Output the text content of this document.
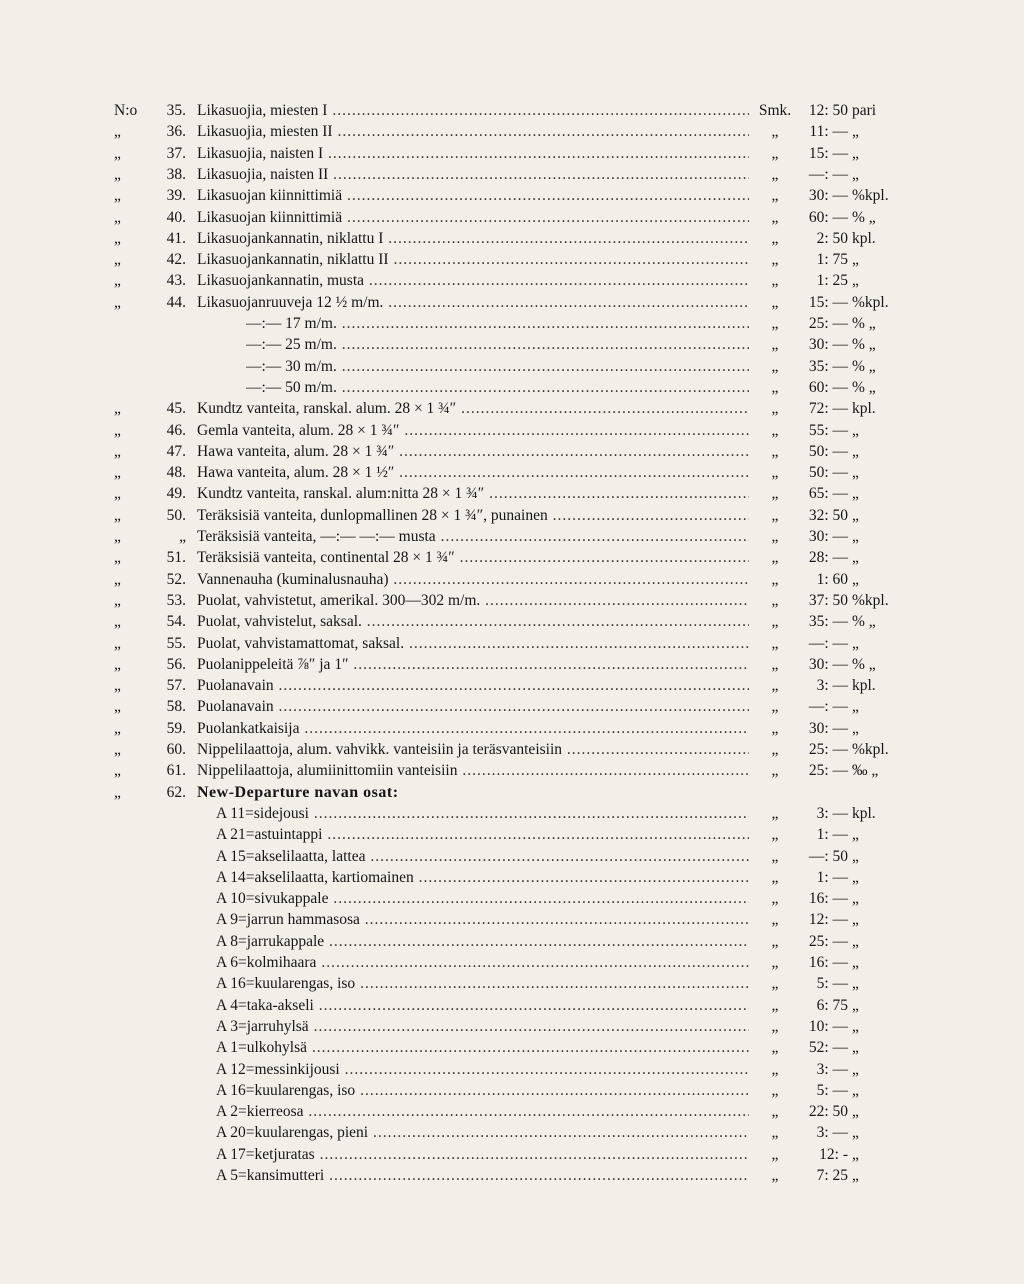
N:o	35. Likasuojia, miesten I .....	Smk.	12: 50 pari
„	36. Likasuojia, miesten II .....	„	11: — „
„	37. Likasuojia, naisten I .....	„	15: — „
„	38. Likasuojia, naisten II .....	„	—: — „
„	39. Likasuojan kiinnittimiä .....	„	30: — %kpl.
„	40. Likasuojan kiinnittimiä .....	„	60: — % „
„	41. Likasuojankannatin, niklattu I .....	„	2: 50 kpl.
„	42. Likasuojankannatin, niklattu II .....	„	1: 75 „
„	43. Likasuojankannatin, musta .....	„	1: 25 „
„	44. Likasuojanruuveja 12 ½ m/m. .....	„	15: — %kpl.
—:— 17 m/m. .....	„	25: — % „
—:— 25 m/m. .....	„	30: — % „
—:— 30 m/m. .....	„	35: — % „
—:— 50 m/m. .....	„	60: — % „
„	45. Kundtz vanteita, ranskal. alum. 28 × 1 ¾″ .....	„	72: — kpl.
„	46. Gemla vanteita, alum. 28 × 1 ¾″ .....	„	55: — „
„	47. Hawa vanteita, alum. 28 × 1 ¾″ .....	„	50: — „
„	48. Hawa vanteita, alum. 28 × 1 ½″ .....	„	50: — „
„	49. Kundtz vanteita, ranskal. alum:nitta 28 × 1 ¾″ .....	„	65: — „
„	50. Teräksisiä vanteita, dunlopmallinen 28 × 1 ¾″, punainen .....	„	32: 50 „
„	„ Teräksisiä vanteita, —:— —:— musta .....	„	30: — „
„	51. Teräksisiä vanteita, continental 28 × 1 ¾″ .....	„	28: — „
„	52. Vannenauha (kuminalusnauha) .....	„	1: 60 „
„	53. Puolat, vahvistetut, amerikal. 300—302 m/m. .....	„	37: 50 %kpl.
„	54. Puolat, vahvistelut, saksal. .....	„	35: — % „
„	55. Puolat, vahvistamattomat, saksal. .....	„	—: — „
„	56. Puolanippeleitä ⅞″ ja 1″ .....	„	30: — % „
„	57. Puolanavain .....	„	3: — kpl.
„	58. Puolanavain .....	„	—: — „
„	59. Puolankatkaisija .....	„	30: — „
„	60. Nippelilaattoja, alum. vahvikk. vanteisiin ja teräsvanteisiin .....	„	25: — %kpl.
„	61. Nippelilaattoja, alumiinittomiin vanteisiin .....	„	25: — ‰ „
„	62. New-Departure navan osat:
A 11=sidejousi .....	„	3: — kpl.
A 21=astuintappi .....	„	1: — „
A 15=akselilaatta, lattea .....	„	—: 50 „
A 14=akselilaatta, kartiomainen .....	„	1: — „
A 10=sivukappale .....	„	16: — „
A 9=jarrun hammasosa .....	„	12: — „
A 8=jarrukappale .....	„	25: — „
A 6=kolmihaara .....	„	16: — „
A 16=kuularengas, iso .....	„	5: — „
A 4=taka-akseli .....	„	6: 75 „
A 3=jarruhylsä .....	„	10: — „
A 1=ulkohylsä .....	„	52: — „
A 12=messinkijousi .....	„	3: — „
A 16=kuularengas, iso .....	„	5: — „
A 2=kierreosa .....	„	22: 50 „
A 20=kuularengas, pieni .....	„	3: — „
A 17=ketjuratas .....	„	12: - „
A 5=kansimutteri .....	„	7: 25 „
